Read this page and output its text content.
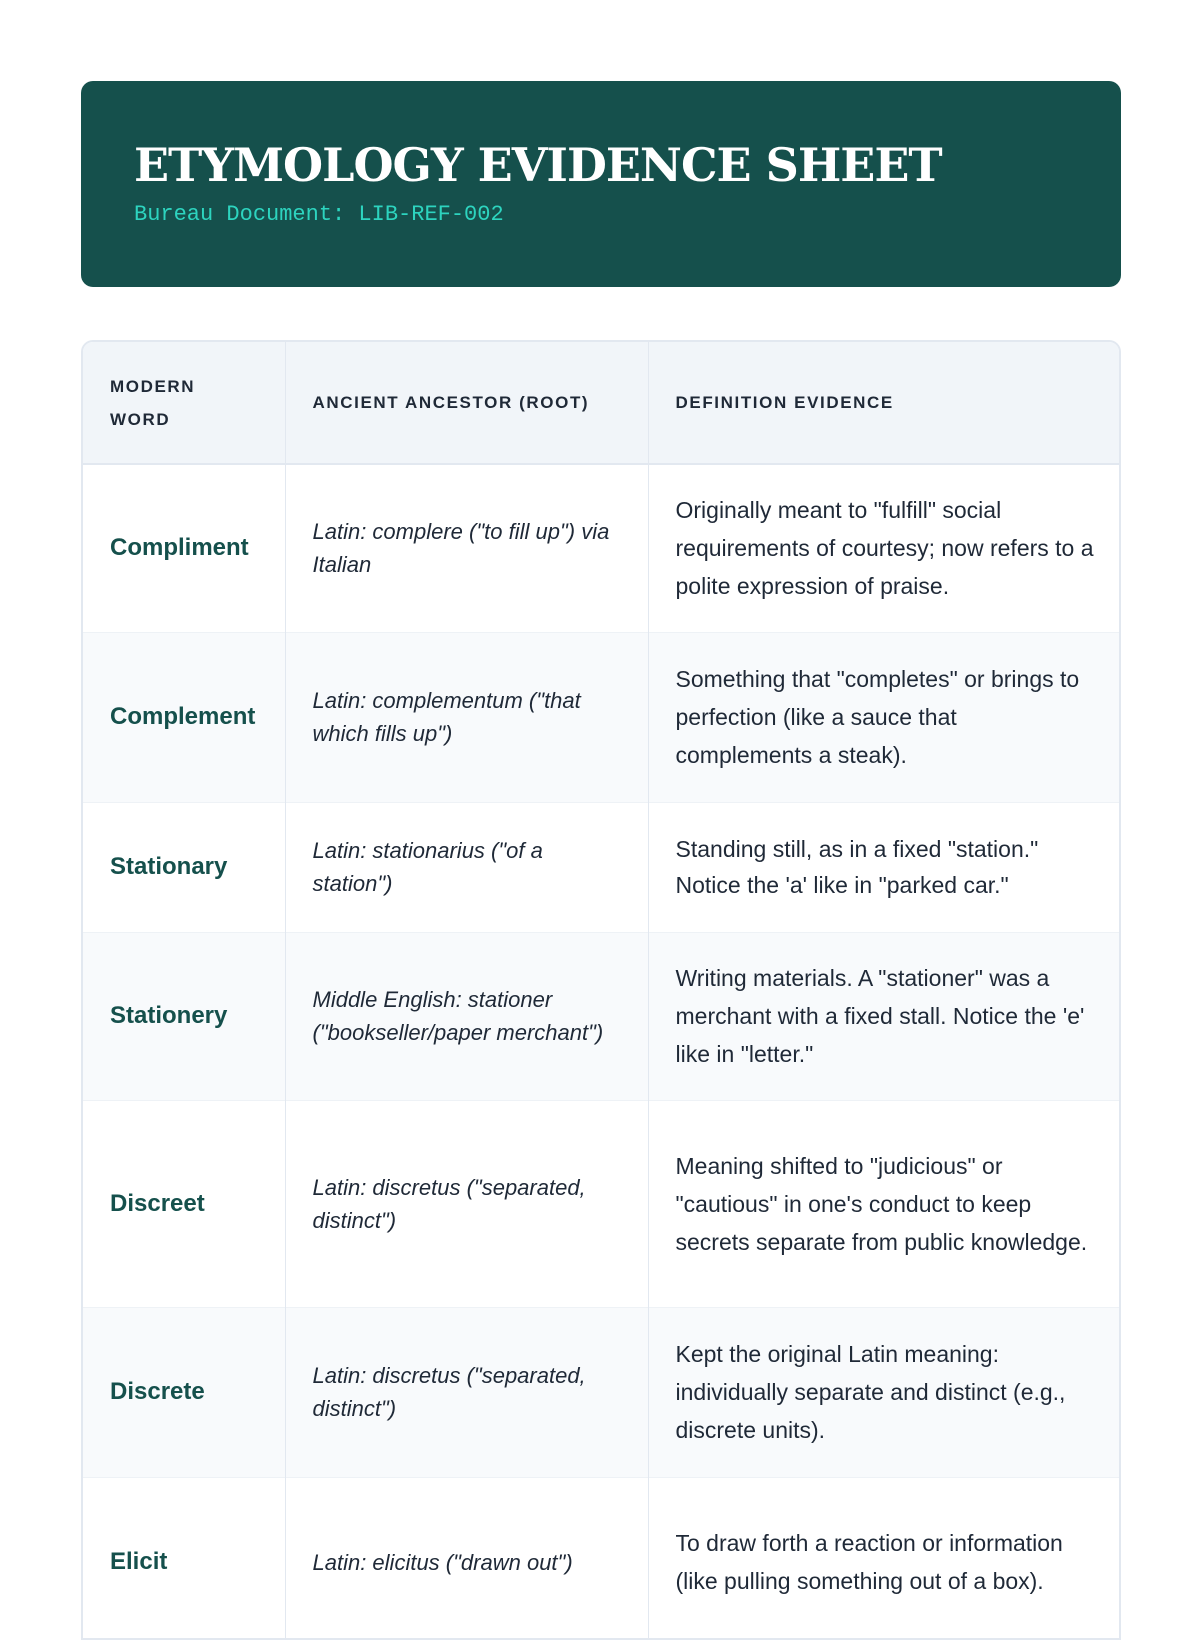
ETYMOLOGY EVIDENCE SHEET
Bureau Document: LIB-REF-002
MODERN WORD	ANCIENT ANCESTOR (ROOT)	DEFINITION EVIDENCE
Compliment	Latin: complere ("to fill up") via Italian	Originally meant to "fulfill" social requirements of courtesy; now refers to a polite expression of praise.
Complement	Latin: complementum ("that which fills up")	Something that "completes" or brings to perfection (like a sauce that complements a steak).
Stationary	Latin: stationarius ("of a station")	Standing still, as in a fixed "station." Notice the 'a' like in "parked car."
Stationery	Middle English: stationer ("bookseller/paper merchant")	Writing materials. A "stationer" was a merchant with a fixed stall. Notice the 'e' like in "letter."
Discreet	Latin: discretus ("separated, distinct")	Meaning shifted to "judicious" or "cautious" in one's conduct to keep secrets separate from public knowledge.
Discrete	Latin: discretus ("separated, distinct")	Kept the original Latin meaning: individually separate and distinct (e.g., discrete units).
Elicit	Latin: elicitus ("drawn out")	To draw forth a reaction or information (like pulling something out of a box).
